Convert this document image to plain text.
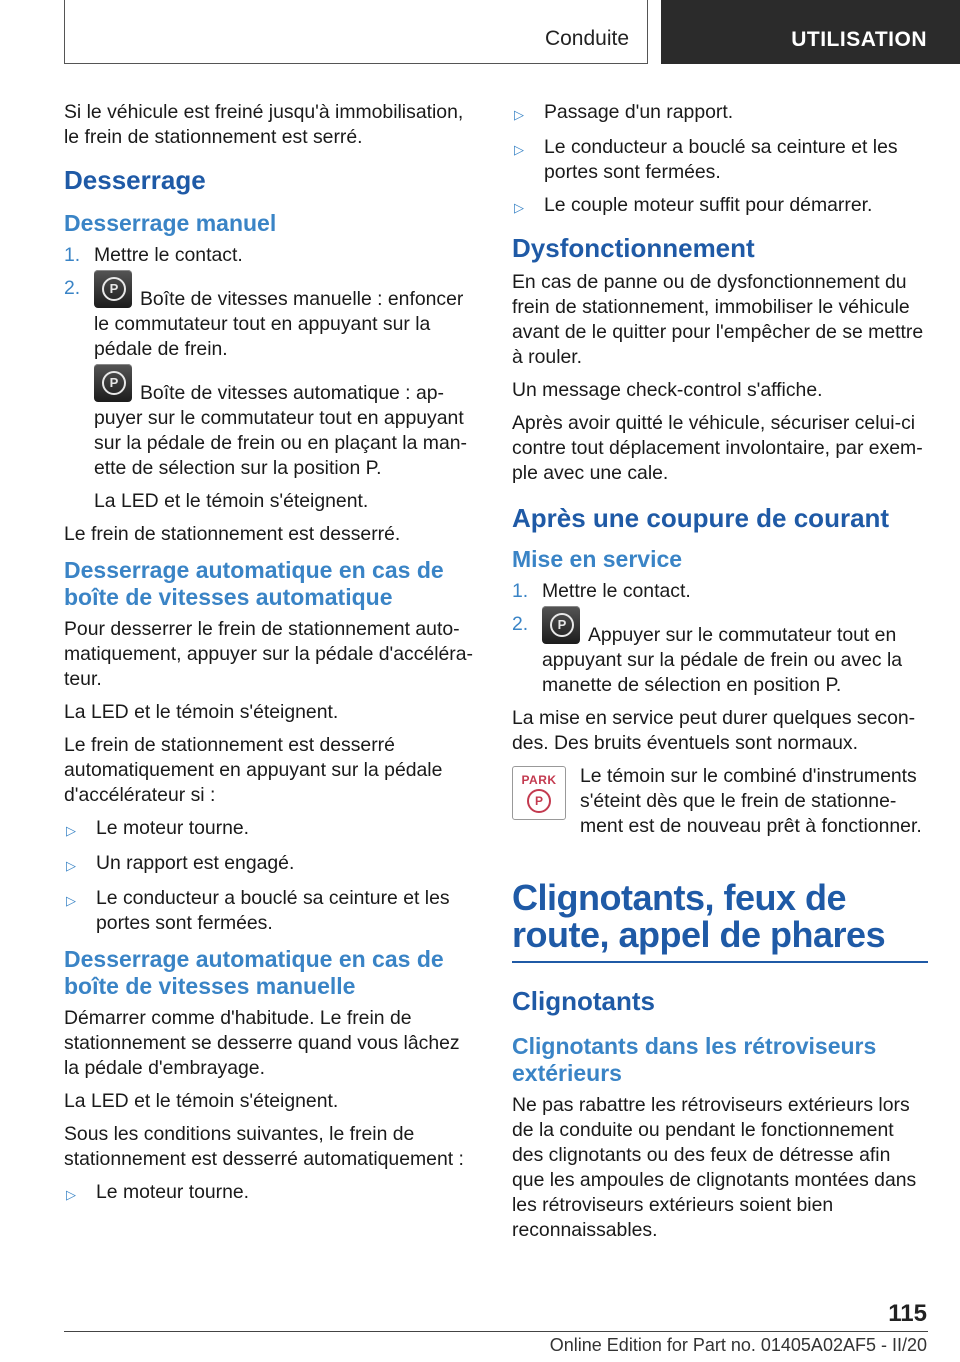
Conduite	UTILISATION

Si le véhicule est freiné jusqu'à immobilisation, le frein de stationnement est serré.

Desserrage
Desserrage manuel
1. Mettre le contact.
2.	P	Boîte de vitesses manuelle : enfoncer le commutateur tout en appuyant sur la pédale de frein.

P	Boîte de vitesses automatique : appuyer sur le commutateur tout en appuyant sur la pédale de frein ou en plaçant la manette de sélection sur la position P.

La LED et le témoin s'éteignent.

Le frein de stationnement est desserré.

Desserrage automatique en cas de boîte de vitesses automatique

Pour desserrer le frein de stationnement automatiquement, appuyer sur la pédale d'accélérateur.

La LED et le témoin s'éteignent.

Le frein de stationnement est desserré automatiquement en appuyant sur la pédale d'accélérateur si :

▷	Le moteur tourne.
▷	Un rapport est engagé.
▷	Le conducteur a bouclé sa ceinture et les portes sont fermées.
Desserrage automatique en cas de boîte de vitesses manuelle

Démarrer comme d'habitude. Le frein de stationnement se desserre quand vous lâchez la pédale d'embrayage.

La LED et le témoin s'éteignent.

Sous les conditions suivantes, le frein de stationnement est desserré automatiquement :

▷	Le moteur tourne.
▷	Passage d'un rapport.
▷	Le conducteur a bouclé sa ceinture et les portes sont fermées.
▷	Le couple moteur suffit pour démarrer.
Dysfonctionnement

En cas de panne ou de dysfonctionnement du frein de stationnement, immobiliser le véhicule avant de le quitter pour l'empêcher de se mettre à rouler.

Un message check-control s'affiche.

Après avoir quitté le véhicule, sécuriser celui-ci contre tout déplacement involontaire, par exemple avec une cale.

Après une coupure de courant
Mise en service
1. Mettre le contact.
2.	P	Appuyer sur le commutateur tout en appuyant sur la pédale de frein ou avec la manette de sélection en position P.

La mise en service peut durer quelques secondes. Des bruits éventuels sont normaux.

PARK
P

Le témoin sur le combiné d'instruments s'éteint dès que le frein de stationnement est de nouveau prêt à fonctionner.

Clignotants, feux de route, appel de phares
Clignotants
Clignotants dans les rétroviseurs extérieurs

Ne pas rabattre les rétroviseurs extérieurs lors de la conduite ou pendant le fonctionnement des clignotants ou des feux de détresse afin que les ampoules de clignotants montées dans les rétroviseurs extérieurs soient bien reconnaissables.

115
Online Edition for Part no. 01405A02AF5 - II/20
